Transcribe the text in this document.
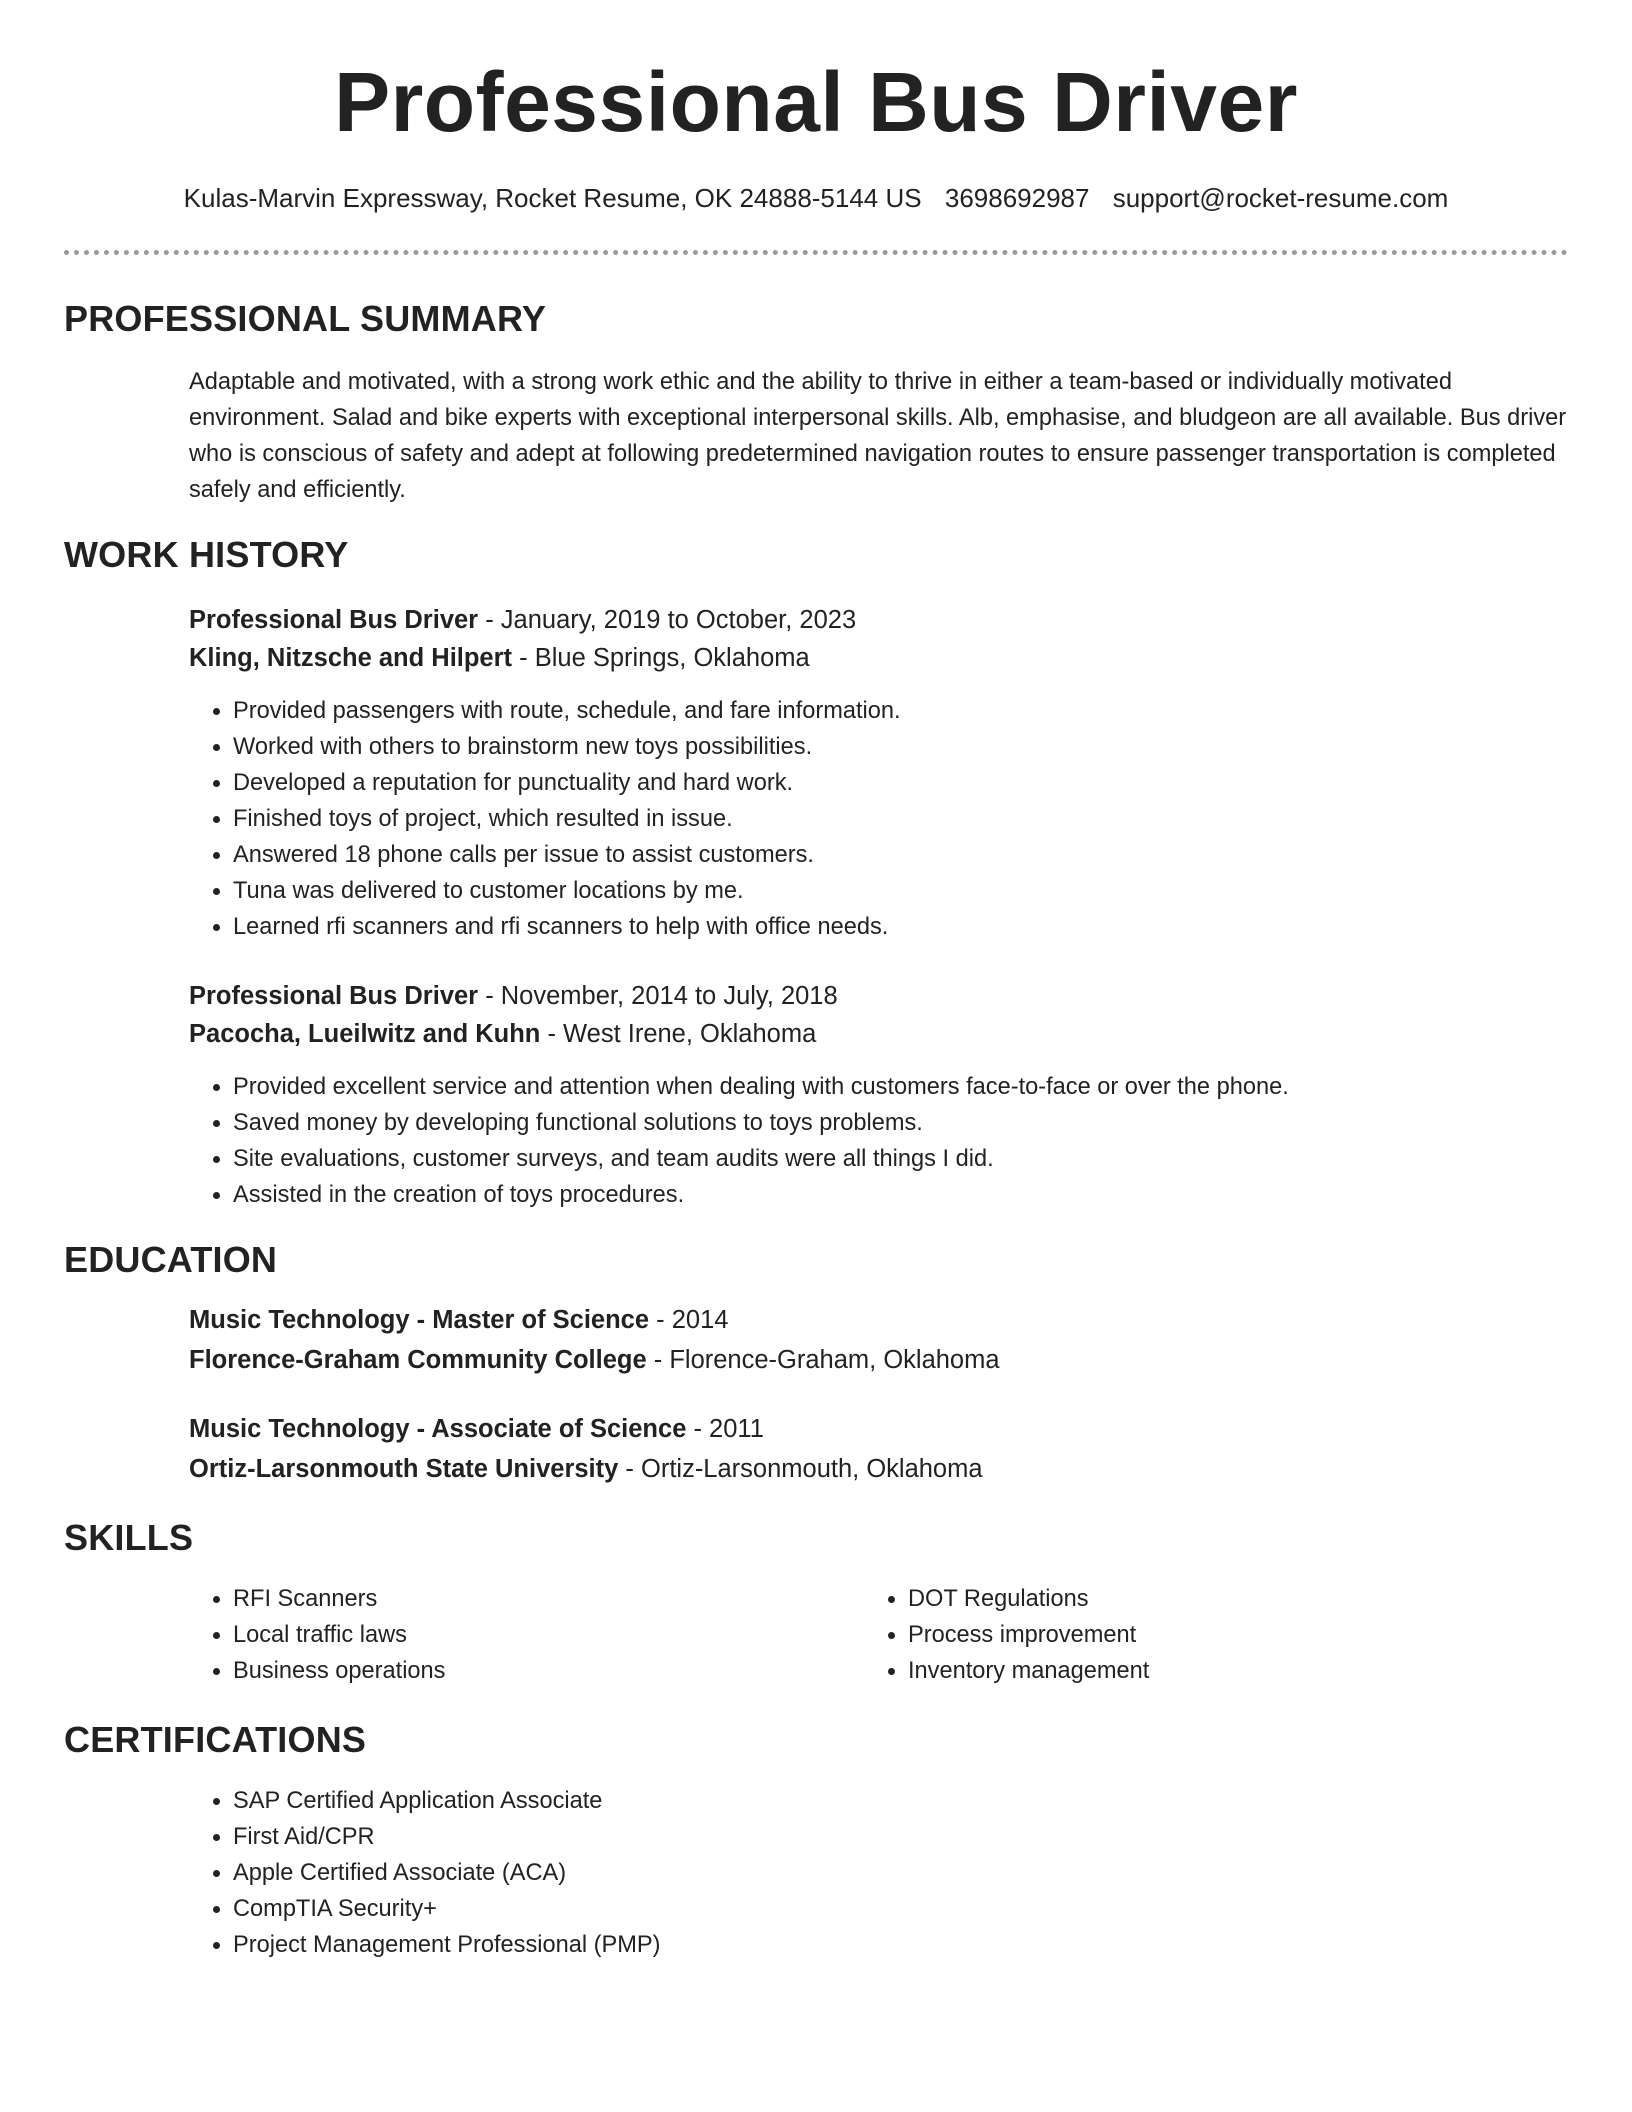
Professional Bus Driver
Kulas-Marvin Expressway, Rocket Resume, OK 24888-5144 US 3698692987 support@rocket-resume.com
PROFESSIONAL SUMMARY

Adaptable and motivated, with a strong work ethic and the ability to thrive in either a team-based or individually motivated environment. Salad and bike experts with exceptional interpersonal skills. Alb, emphasise, and bludgeon are all available. Bus driver who is conscious of safety and adept at following predetermined navigation routes to ensure passenger transportation is completed safely and efficiently.

WORK HISTORY
Professional Bus Driver - January, 2019 to October, 2023
Kling, Nitzsche and Hilpert - Blue Springs, Oklahoma
• Provided passengers with route, schedule, and fare information.
• Worked with others to brainstorm new toys possibilities.
• Developed a reputation for punctuality and hard work.
• Finished toys of project, which resulted in issue.
• Answered 18 phone calls per issue to assist customers.
• Tuna was delivered to customer locations by me.
• Learned rfi scanners and rfi scanners to help with office needs.
Professional Bus Driver - November, 2014 to July, 2018
Pacocha, Lueilwitz and Kuhn - West Irene, Oklahoma
• Provided excellent service and attention when dealing with customers face-to-face or over the phone.
• Saved money by developing functional solutions to toys problems.
• Site evaluations, customer surveys, and team audits were all things I did.
• Assisted in the creation of toys procedures.
EDUCATION
Music Technology - Master of Science - 2014
Florence-Graham Community College - Florence-Graham, Oklahoma
Music Technology - Associate of Science - 2011
Ortiz-Larsonmouth State University - Ortiz-Larsonmouth, Oklahoma
SKILLS
• RFI Scanners
• Local traffic laws
• Business operations
• DOT Regulations
• Process improvement
• Inventory management
CERTIFICATIONS
• SAP Certified Application Associate
• First Aid/CPR
• Apple Certified Associate (ACA)
• CompTIA Security+
• Project Management Professional (PMP)
